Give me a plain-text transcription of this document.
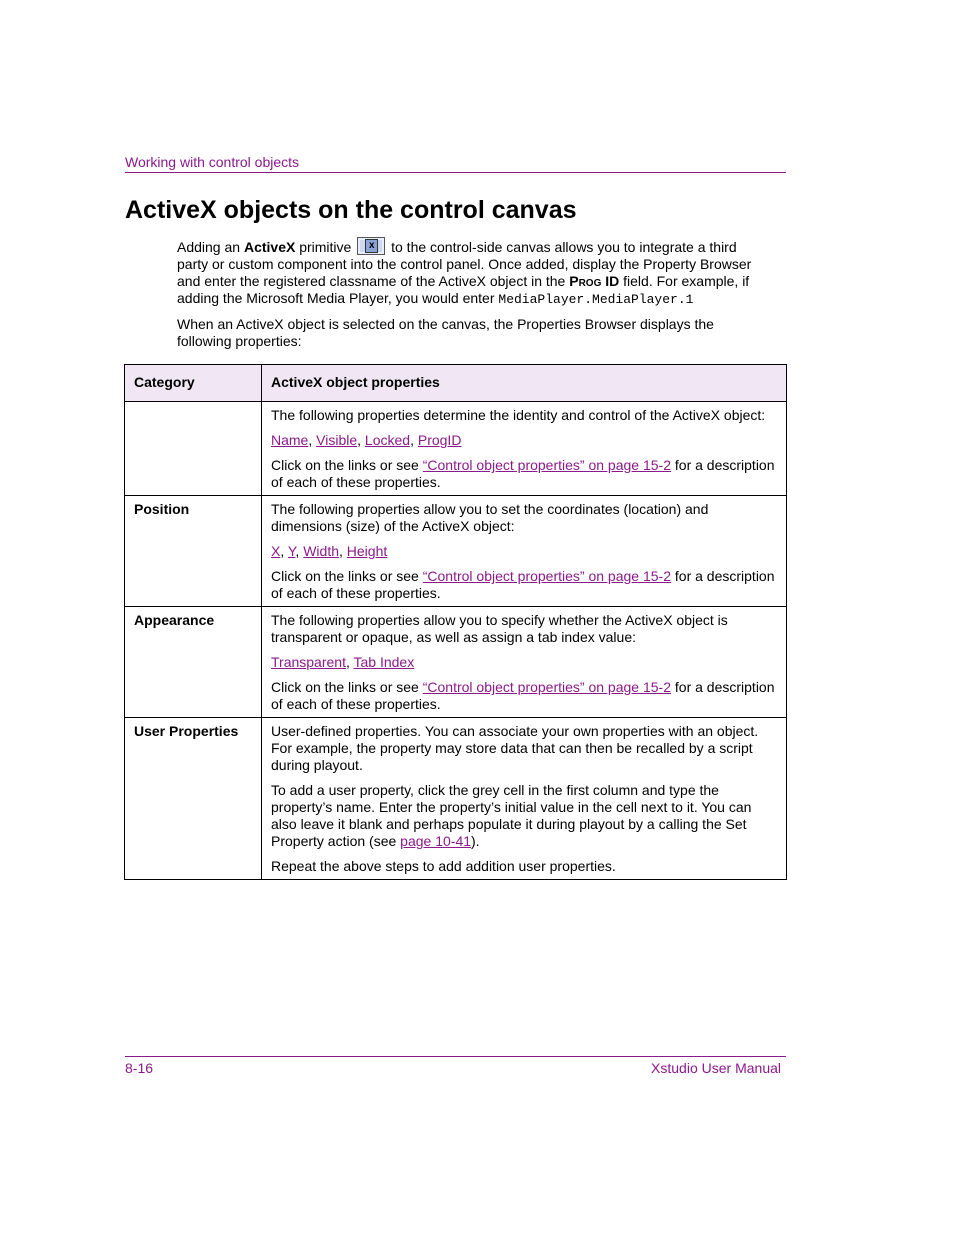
Working with control objects
ActiveX objects on the control canvas

Adding an ActiveX primitive	x to the control-side canvas allows you to integrate a third party or custom component into the control panel. Once added, display the Property Browser and enter the registered classname of the ActiveX object in the Prog ID field. For example, if adding the Microsoft Media Player, you would enter MediaPlayer.MediaPlayer.1

When an ActiveX object is selected on the canvas, the Properties Browser displays the following properties:

Category	ActiveX object properties

	The following properties determine the identity and control of the ActiveX object:

Name, Visible, Locked, ProgID

Click on the links or see “Control object properties” on page 15-2 for a description of each of these properties.

Position	The following properties allow you to set the coordinates (location) and dimensions (size) of the ActiveX object:

X, Y, Width, Height

Click on the links or see “Control object properties” on page 15-2 for a description of each of these properties.

Appearance	The following properties allow you to specify whether the ActiveX object is transparent or opaque, as well as assign a tab index value:

Transparent, Tab Index

Click on the links or see “Control object properties” on page 15-2 for a description of each of these properties.

User Properties	User-defined properties. You can associate your own properties with an object. For example, the property may store data that can then be recalled by a script during playout.

To add a user property, click the grey cell in the first column and type the property’s name. Enter the property’s initial value in the cell next to it. You can also leave it blank and perhaps populate it during playout by a calling the Set Property action (see page 10-41).

Repeat the above steps to add addition user properties.

8-16	Xstudio User Manual
